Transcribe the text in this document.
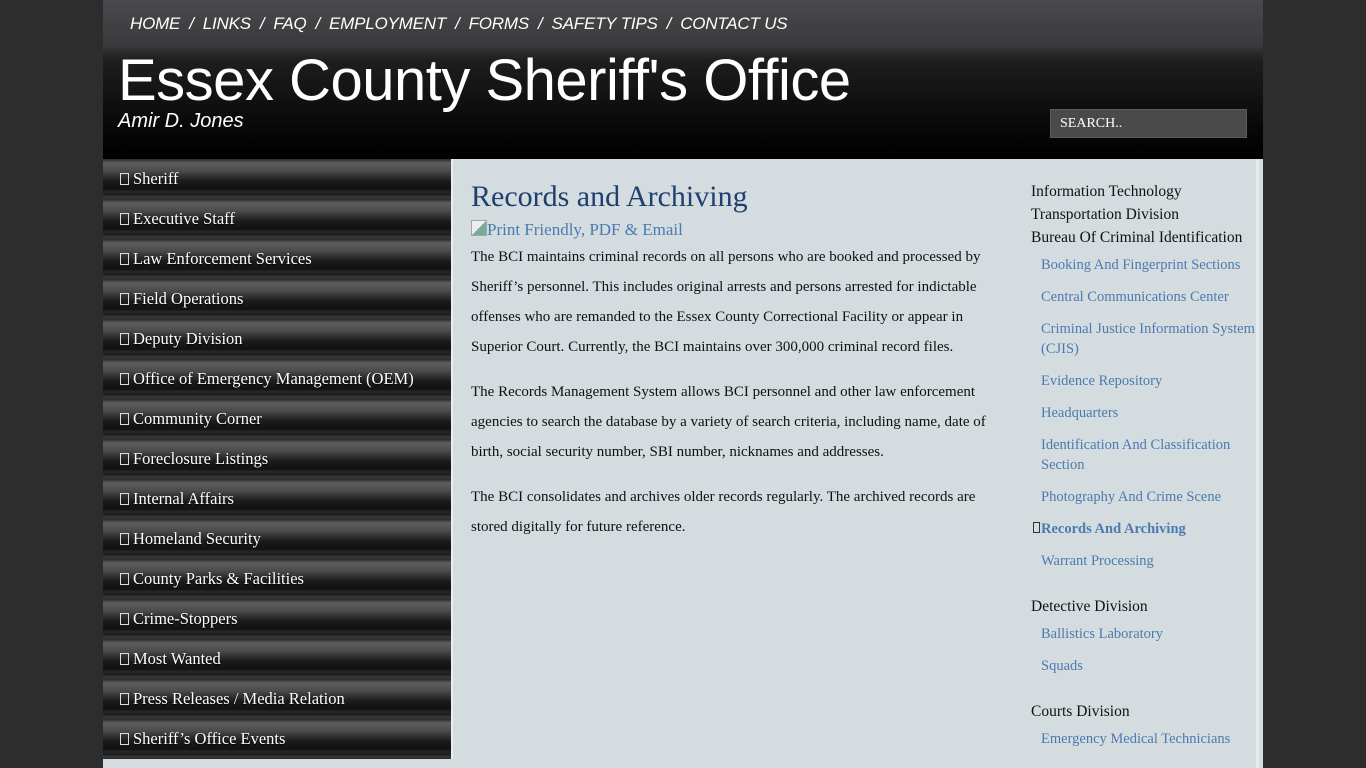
HOME / LINKS / FAQ / EMPLOYMENT / FORMS / SAFETY TIPS / CONTACT US
Essex County Sheriff's Office
Amir D. Jones
SEARCH..
Sheriff
Executive Staff
Law Enforcement Services
Field Operations
Deputy Division
Office of Emergency Management (OEM)
Community Corner
Foreclosure Listings
Internal Affairs
Homeland Security
County Parks & Facilities
Crime-Stoppers
Most Wanted
Press Releases / Media Relation
Sheriff’s Office Events
Records and Archiving
Print Friendly, PDF & Email

The BCI maintains criminal records on all persons who are booked and processed by Sheriff’s personnel. This includes original arrests and persons arrested for indictable offenses who are remanded to the Essex County Correctional Facility or appear in Superior Court. Currently, the BCI maintains over 300,000 criminal record files.

The Records Management System allows BCI personnel and other law enforcement agencies to search the database by a variety of search criteria, including name, date of birth, social security number, SBI number, nicknames and addresses.

The BCI consolidates and archives older records regularly. The archived records are stored digitally for future reference.

Information Technology
Transportation Division
Bureau Of Criminal Identification
Booking And Fingerprint Sections
Central Communications Center
Criminal Justice Information System (CJIS)
Evidence Repository
Headquarters
Identification And Classification Section
Photography And Crime Scene
Records And Archiving
Warrant Processing
Detective Division
Ballistics Laboratory
Squads
Courts Division
Emergency Medical Technicians
